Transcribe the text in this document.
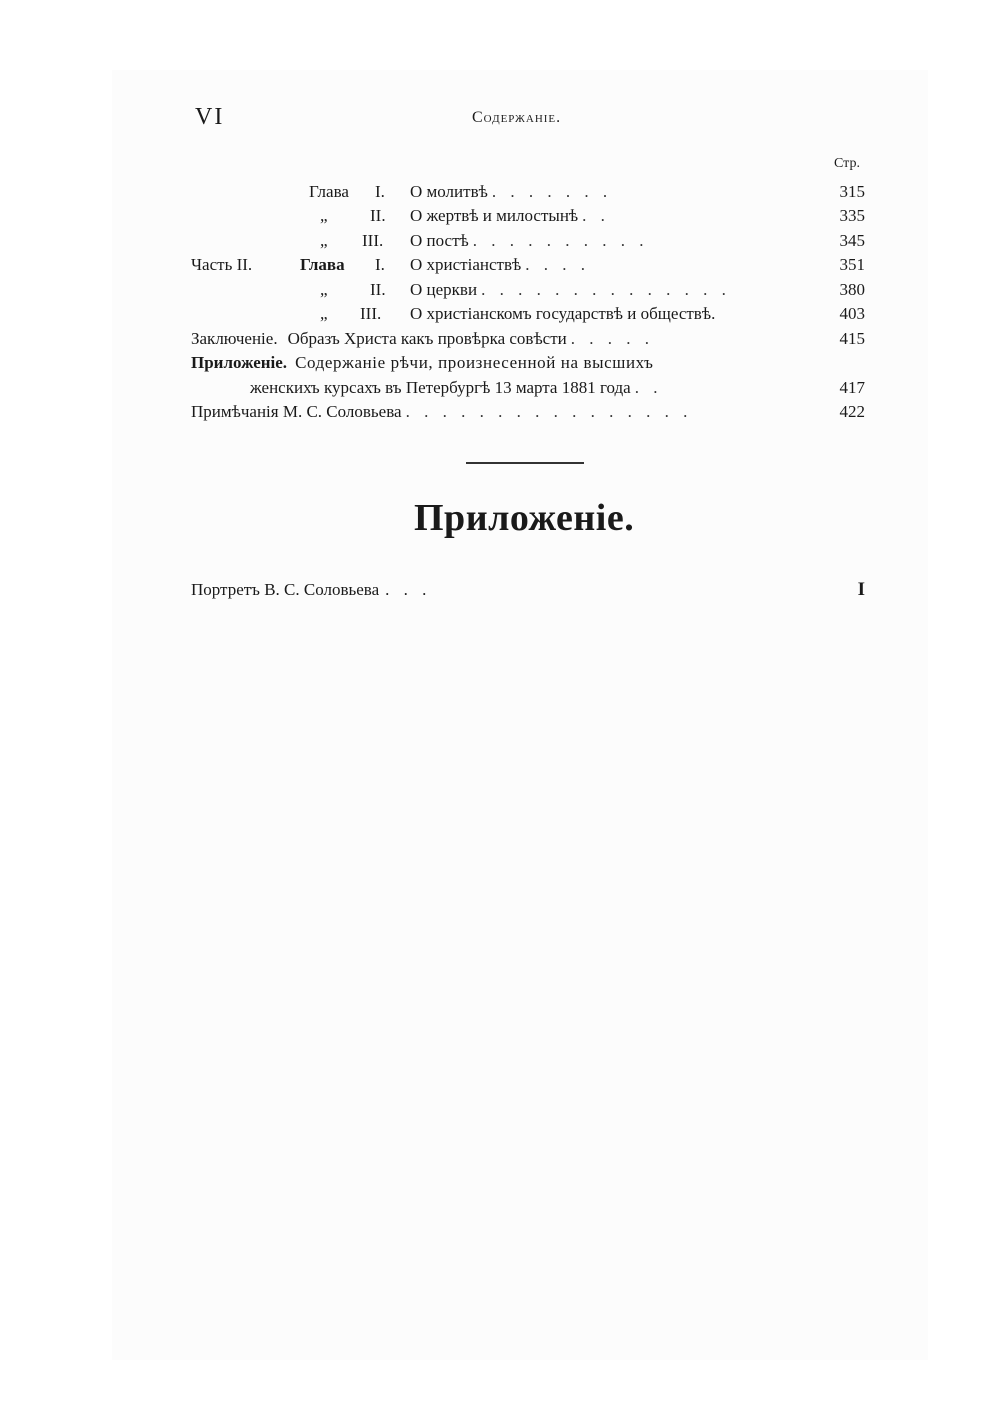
VI	Содержаніе.
Стр.
Глава I. О молитвѣ . . . . . . .	315
„ II. О жертвѣ и милостынѣ . .	335
„ III. О постѣ . . . . . . . . . .	345
Часть II.	Глава I. О христіанствѣ . . . .	351
„ II. О церкви . . . . . . . . . . . . . .	380
„ III. О христіанскомъ государствѣ и обществѣ.	403
Заключеніе. Образъ Христа какъ провѣрка совѣсти . . . . .	415
Приложеніе. Содержаніе рѣчи, произнесенной на высшихъ
женскихъ курсахъ въ Петербургѣ 13 марта 1881 года . .	417
Примѣчанія М. С. Соловьева . . . . . . . . . . . . . . . .	422
Приложеніе.
Портретъ В. С. Соловьева . . .	I
